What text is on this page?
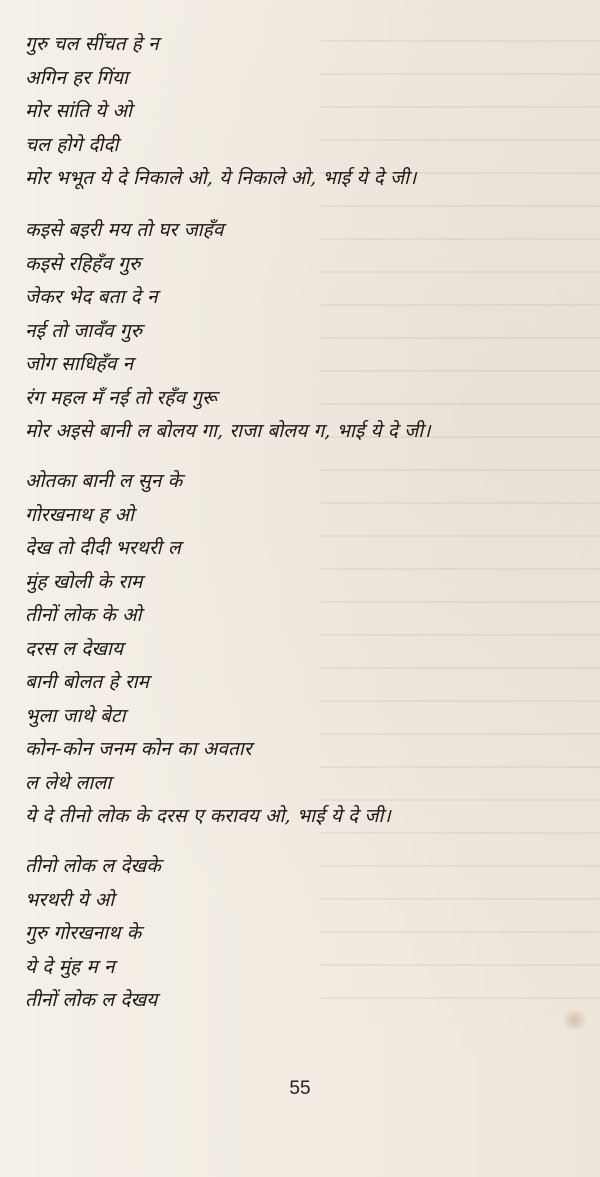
गुरु चल सींचत हे न
अगिन हर गिंया
मोर सांति ये ओ
चल होगे दीदी
मोर भभूत ये दे निकाले ओ, ये निकाले ओ, भाई ये दे जी।
कइसे बइरी मय तो घर जाहँव
कइसे रहिहँव गुरु
जेकर भेद बता दे न
नई तो जावँव गुरु
जोग साधिहँव न
रंग महल मँ नई तो रहँव गुरू
मोर अइसे बानी ल बोलय गा, राजा बोलय ग, भाई ये दे जी।
ओतका बानी ल सुन के
गोरखनाथ ह ओ
देख तो दीदी भरथरी ल
मुंह खोली के राम
तीनों लोक के ओ
दरस ल देखाय
बानी बोलत हे राम
भुला जाथे बेटा
कोन-कोन जनम कोन का अवतार
ल लेथे लाला
ये दे तीनो लोक के दरस ए करावय ओ, भाई ये दे जी।
तीनो लोक ल देखके
भरथरी ये ओ
गुरु गोरखनाथ के
ये दे मुंह म न
तीनों लोक ल देखय
55
